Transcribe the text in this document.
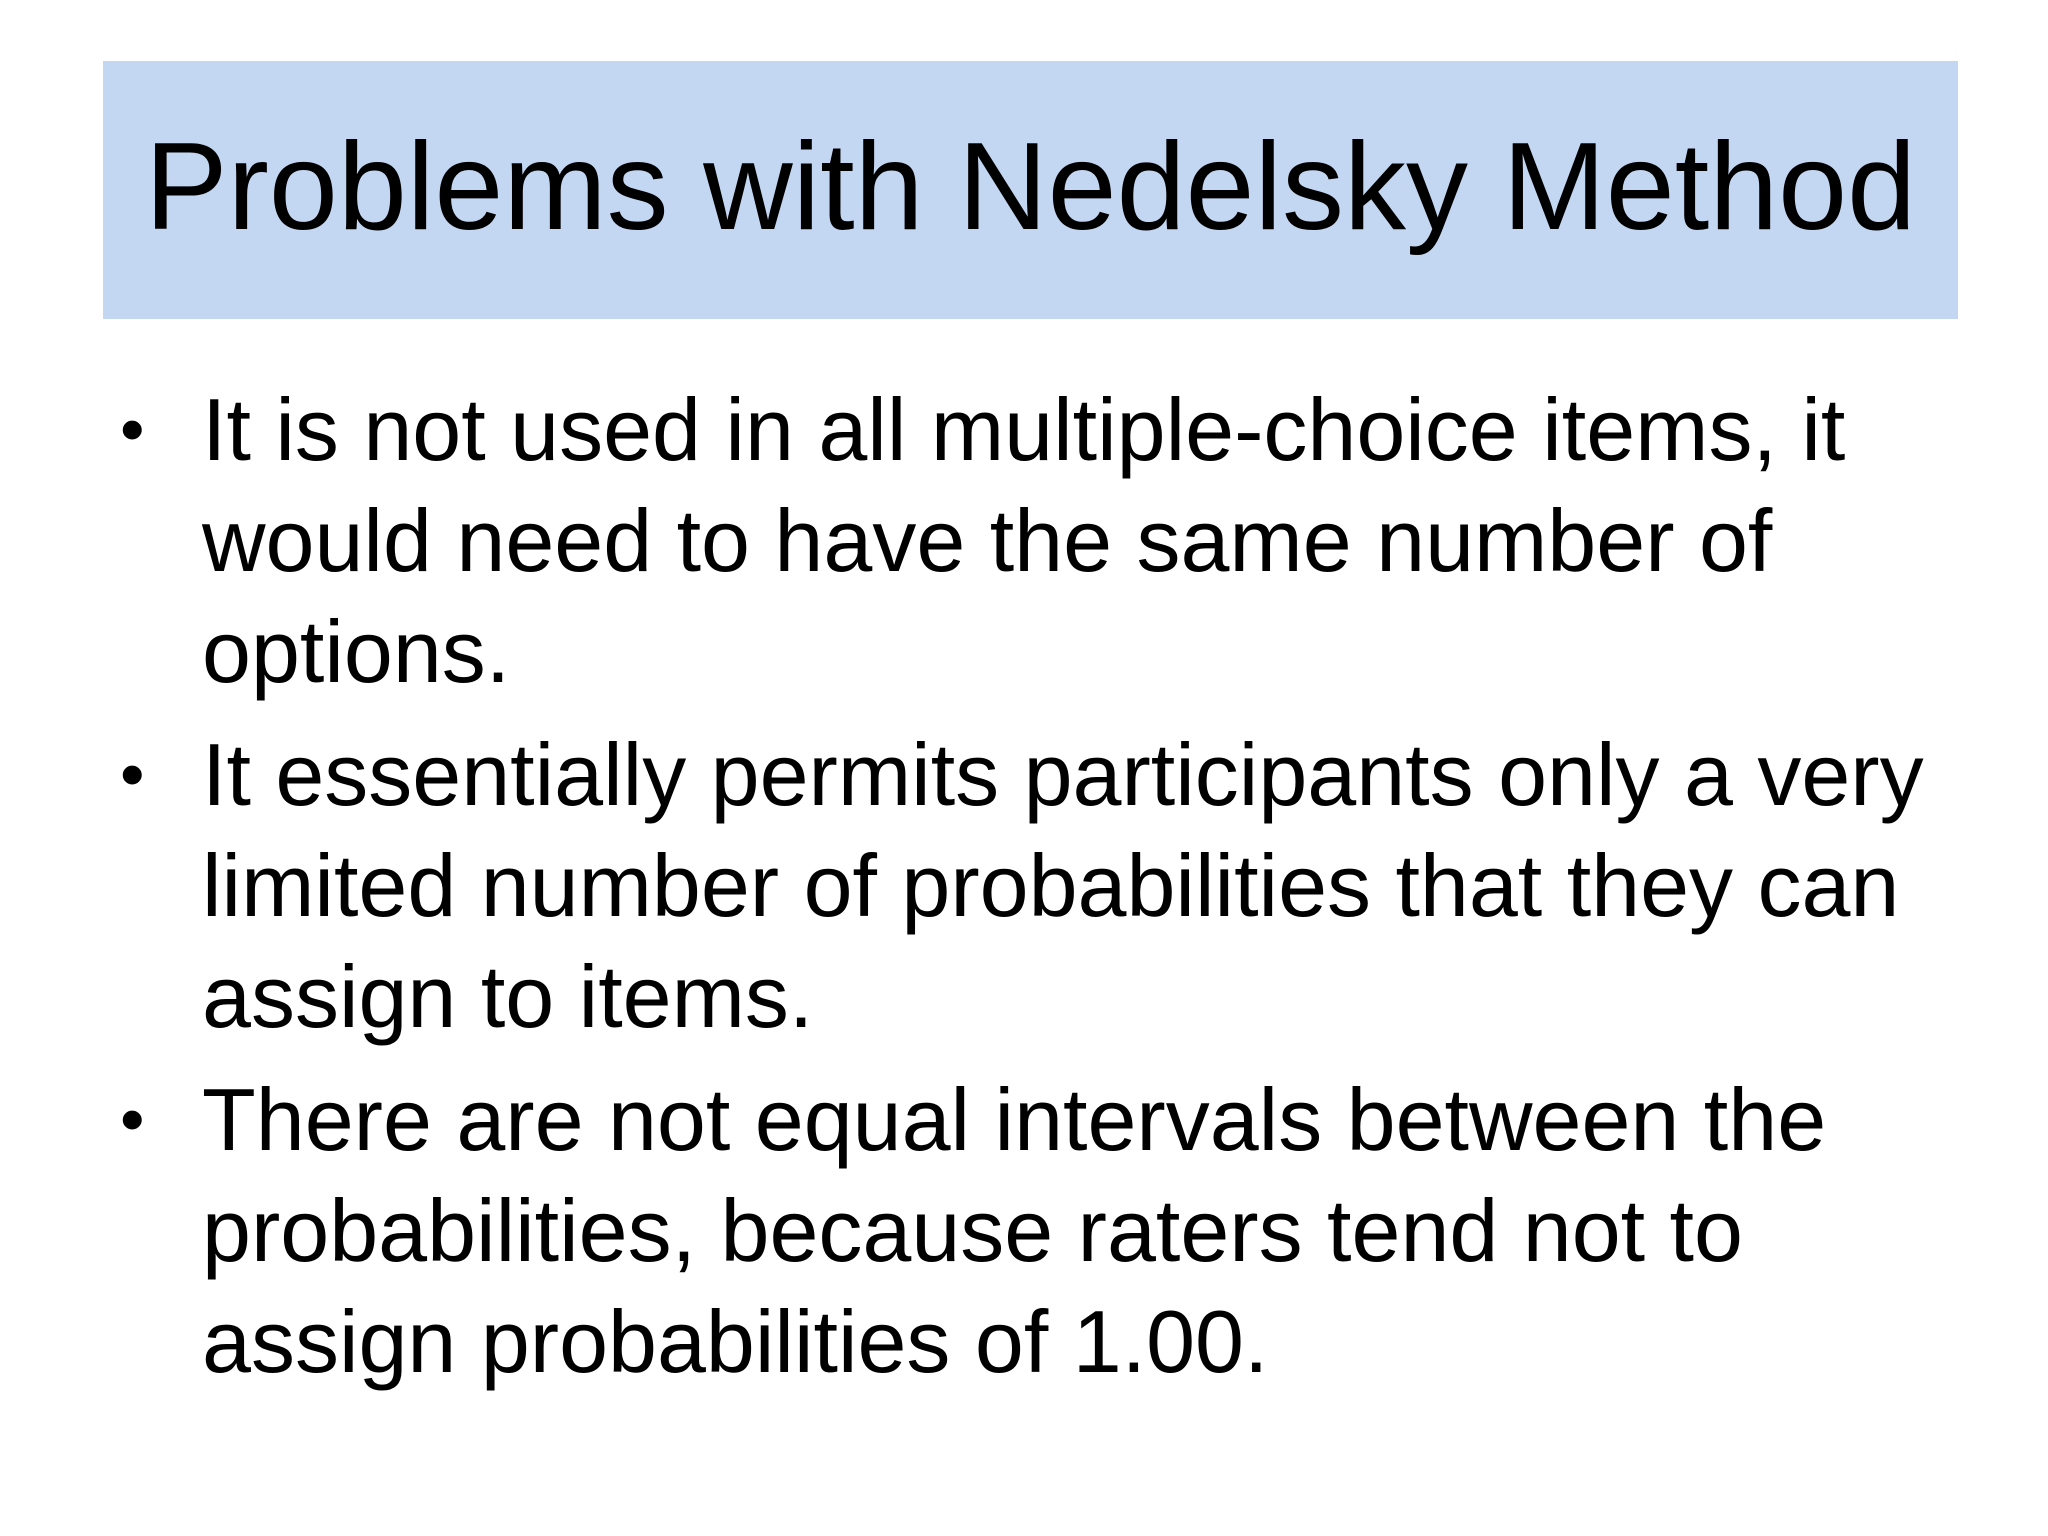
Problems with Nedelsky Method
• It is not used in all multiple-choice items, it would need to have the same number of options.
• It essentially permits participants only a very limited number of probabilities that they can assign to items.
• There are not equal intervals between the probabilities, because raters tend not to assign probabilities of 1.00.
